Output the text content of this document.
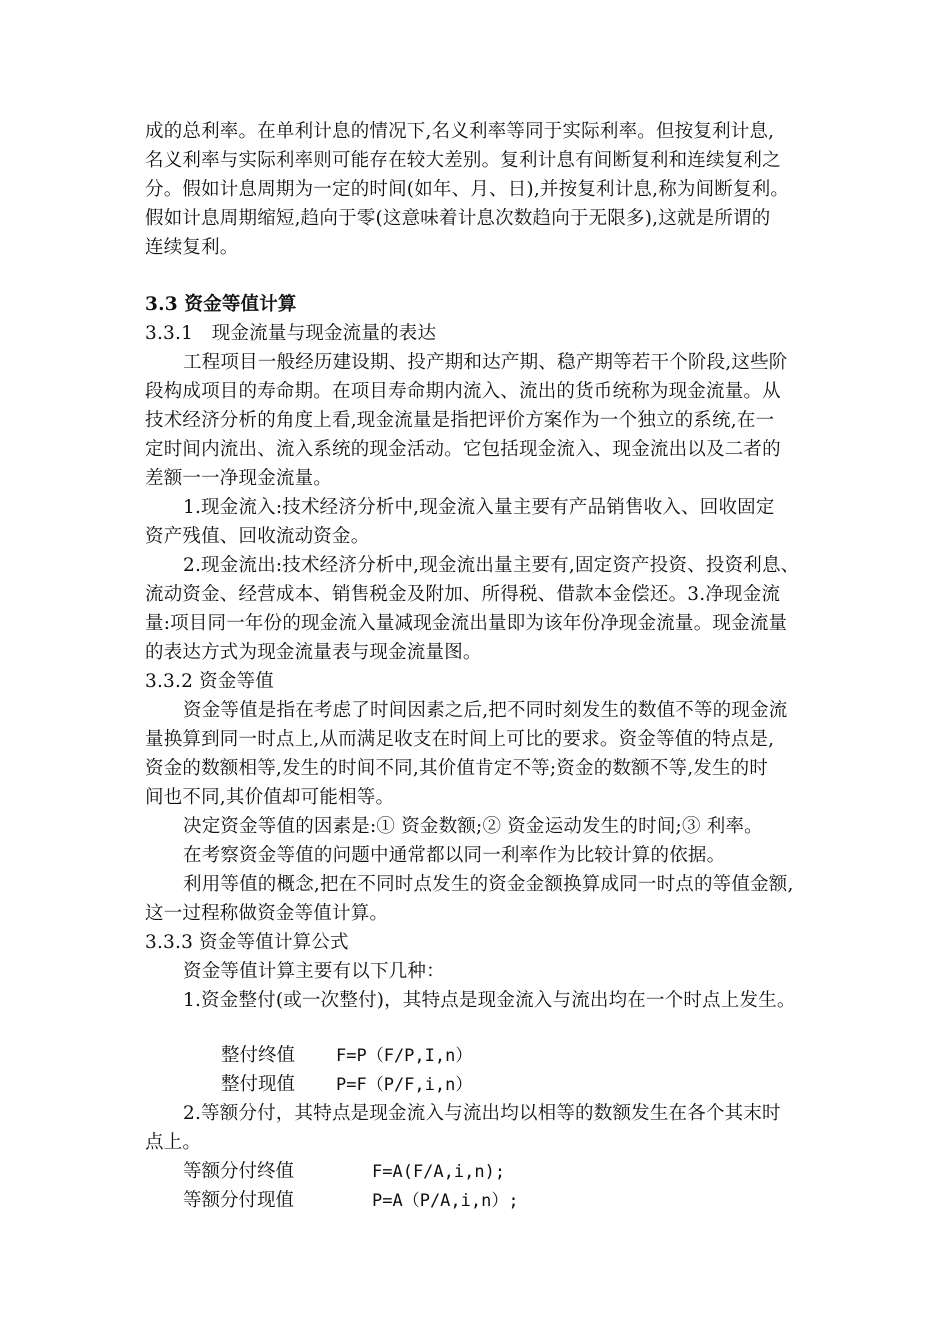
成的总利率。在单利计息的情况下,名义利率等同于实际利率。但按复利计息,
名义利率与实际利率则可能存在较大差别。复利计息有间断复利和连续复利之
分。假如计息周期为一定的时间(如年、月、日),并按复利计息,称为间断复利。
假如计息周期缩短,趋向于零(这意味着计息次数趋向于无限多),这就是所谓的
连续复利。
3.3 资金等值计算
3.3.1　现金流量与现金流量的表达
工程项目一般经历建设期、投产期和达产期、稳产期等若干个阶段,这些阶
段构成项目的寿命期。在项目寿命期内流入、流出的货币统称为现金流量。从
技术经济分析的角度上看,现金流量是指把评价方案作为一个独立的系统,在一
定时间内流出、流入系统的现金活动。它包括现金流入、现金流出以及二者的
差额一一净现金流量。
1.现金流入:技术经济分析中,现金流入量主要有产品销售收入、回收固定
资产残值、回收流动资金。
2.现金流出:技术经济分析中,现金流出量主要有,固定资产投资、投资利息、
流动资金、经营成本、销售税金及附加、所得税、借款本金偿还。3.净现金流
量:项目同一年份的现金流入量减现金流出量即为该年份净现金流量。现金流量
的表达方式为现金流量表与现金流量图。
3.3.2 资金等值
资金等值是指在考虑了时间因素之后,把不同时刻发生的数值不等的现金流
量换算到同一时点上,从而满足收支在时间上可比的要求。资金等值的特点是,
资金的数额相等,发生的时间不同,其价值肯定不等;资金的数额不等,发生的时
间也不同,其价值却可能相等。
决定资金等值的因素是:① 资金数额;② 资金运动发生的时间;③ 利率。
在考察资金等值的问题中通常都以同一利率作为比较计算的依据。
利用等值的概念,把在不同时点发生的资金金额换算成同一时点的等值金额,
这一过程称做资金等值计算。
3.3.3 资金等值计算公式
资金等值计算主要有以下几种：
1.资金整付(或一次整付)，其特点是现金流入与流出均在一个时点上发生。
整付终值 F=P（F/P,I,n）
整付现值 P=F（P/F,i,n）
2.等额分付，其特点是现金流入与流出均以相等的数额发生在各个其末时
点上。
等额分付终值	F=A(F/A,i,n);
等额分付现值	P=A（P/A,i,n）;
